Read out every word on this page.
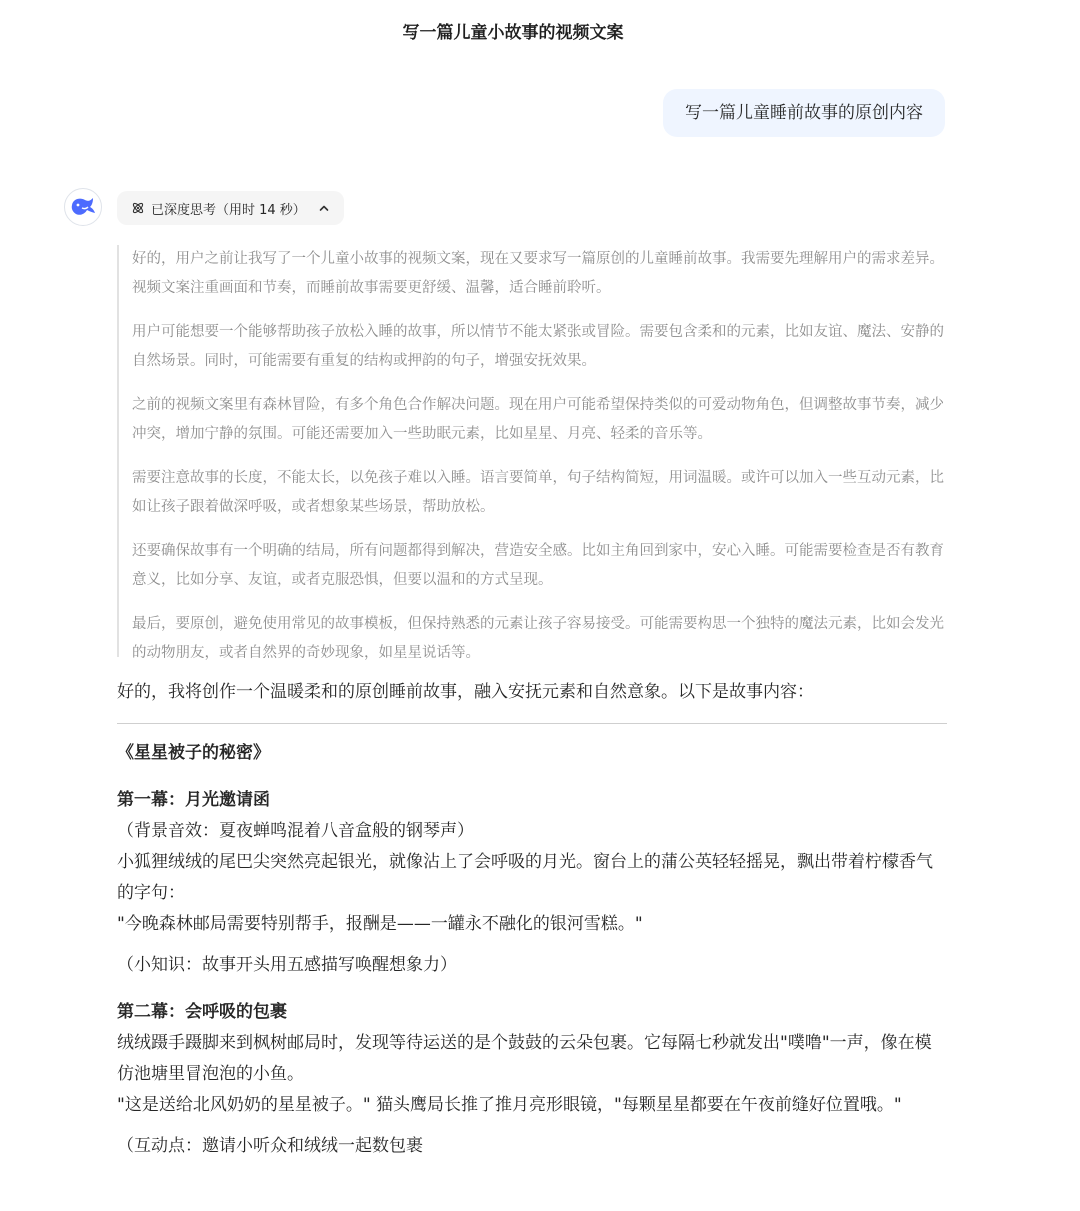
写一篇儿童小故事的视频文案
写一篇儿童睡前故事的原创内容
已深度思考（用时 14 秒）

好的，用户之前让我写了一个儿童小故事的视频文案，现在又要求写一篇原创的儿童睡前故事。我需要先理解用户的需求差异。视频文案注重画面和节奏，而睡前故事需要更舒缓、温馨，适合睡前聆听。

用户可能想要一个能够帮助孩子放松入睡的故事，所以情节不能太紧张或冒险。需要包含柔和的元素，比如友谊、魔法、安静的自然场景。同时，可能需要有重复的结构或押韵的句子，增强安抚效果。

之前的视频文案里有森林冒险，有多个角色合作解决问题。现在用户可能希望保持类似的可爱动物角色，但调整故事节奏，减少冲突，增加宁静的氛围。可能还需要加入一些助眠元素，比如星星、月亮、轻柔的音乐等。

需要注意故事的长度，不能太长，以免孩子难以入睡。语言要简单，句子结构简短，用词温暖。或许可以加入一些互动元素，比如让孩子跟着做深呼吸，或者想象某些场景，帮助放松。

还要确保故事有一个明确的结局，所有问题都得到解决，营造安全感。比如主角回到家中，安心入睡。可能需要检查是否有教育意义，比如分享、友谊，或者克服恐惧，但要以温和的方式呈现。

最后，要原创，避免使用常见的故事模板，但保持熟悉的元素让孩子容易接受。可能需要构思一个独特的魔法元素，比如会发光的动物朋友，或者自然界的奇妙现象，如星星说话等。

好的，我将创作一个温暖柔和的原创睡前故事，融入安抚元素和自然意象。以下是故事内容：

《星星被子的秘密》

第一幕：月光邀请函

（背景音效：夏夜蝉鸣混着八音盒般的钢琴声）

小狐狸绒绒的尾巴尖突然亮起银光，就像沾上了会呼吸的月光。窗台上的蒲公英轻轻摇晃，飘出带着柠檬香气的字句：

"今晚森林邮局需要特别帮手，报酬是——一罐永不融化的银河雪糕。"

（小知识：故事开头用五感描写唤醒想象力）

第二幕：会呼吸的包裹

绒绒蹑手蹑脚来到枫树邮局时，发现等待运送的是个鼓鼓的云朵包裹。它每隔七秒就发出"噗噜"一声，像在模仿池塘里冒泡泡的小鱼。

"这是送给北风奶奶的星星被子。" 猫头鹰局长推了推月亮形眼镜，"每颗星星都要在午夜前缝好位置哦。"

（互动点：邀请小听众和绒绒一起数包裹
